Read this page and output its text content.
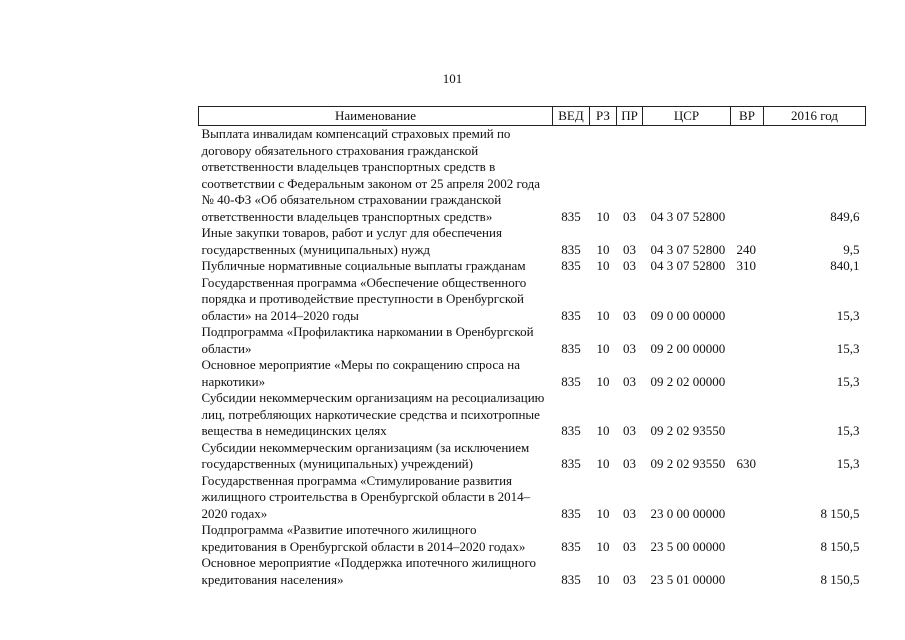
101
Наименование	ВЕД	РЗ	ПР	ЦСР	ВР	2016 год
Выплата инвалидам компенсаций страховых премий по договору обязательного страхования гражданской ответственности владельцев транспортных средств в соответствии с Федеральным законом от 25 апреля 2002 года № 40-ФЗ «Об обязательном страховании гражданской ответственности владельцев транспортных средств»	835	10	03	04 3 07 52800		849,6
Иные закупки товаров, работ и услуг для обеспечения государственных (муниципальных) нужд	835	10	03	04 3 07 52800	240	9,5
Публичные нормативные социальные выплаты гражданам	835	10	03	04 3 07 52800	310	840,1
Государственная программа «Обеспечение общественного порядка и противодействие преступности в Оренбургской области» на 2014–2020 годы	835	10	03	09 0 00 00000		15,3
Подпрограмма «Профилактика наркомании в Оренбургской области»	835	10	03	09 2 00 00000		15,3
Основное мероприятие «Меры по сокращению спроса на наркотики»	835	10	03	09 2 02 00000		15,3
Субсидии некоммерческим организациям на ресоциализацию лиц, потребляющих наркотические средства и психотропные вещества в немедицинских целях	835	10	03	09 2 02 93550		15,3
Субсидии некоммерческим организациям (за исключением государственных (муниципальных) учреждений)	835	10	03	09 2 02 93550	630	15,3
Государственная программа «Стимулирование развития жилищного строительства в Оренбургской области в 2014–2020 годах»	835	10	03	23 0 00 00000		8 150,5
Подпрограмма «Развитие ипотечного жилищного кредитования в Оренбургской области в 2014–2020 годах»	835	10	03	23 5 00 00000		8 150,5
Основное мероприятие «Поддержка ипотечного жилищного кредитования населения»	835	10	03	23 5 01 00000		8 150,5
